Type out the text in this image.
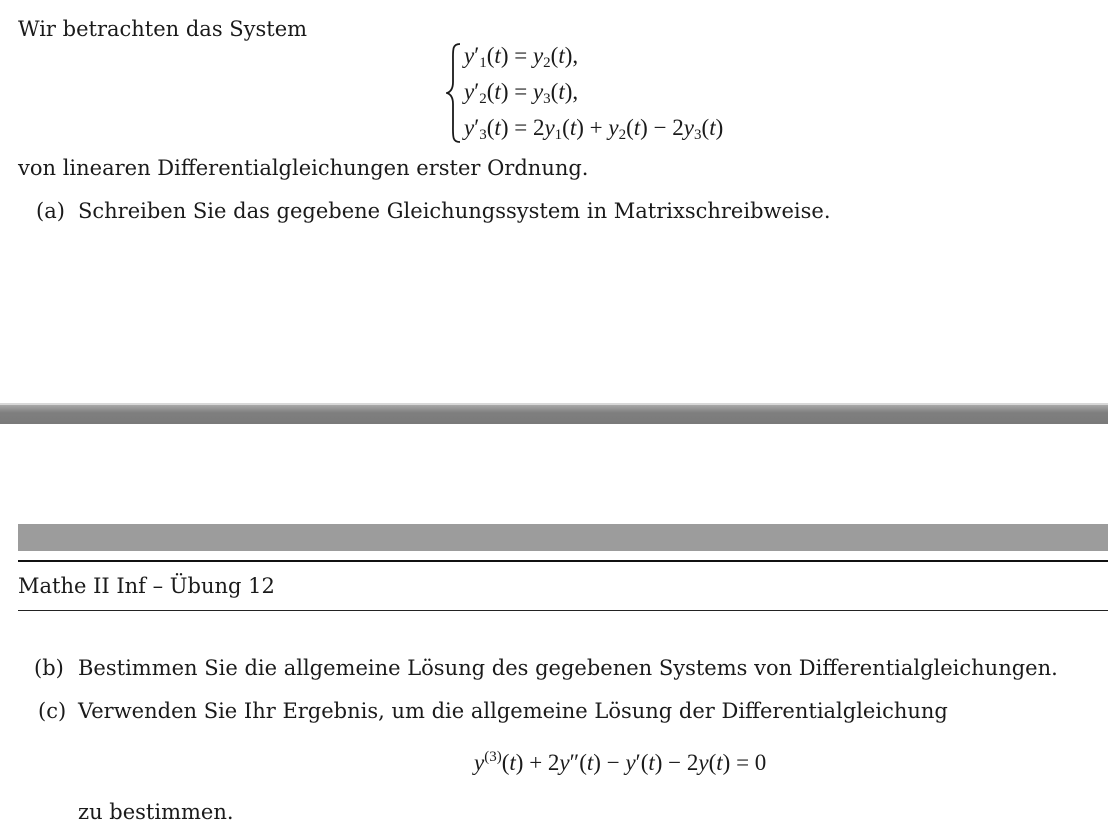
Wir betrachten das System
$y'_1(t) = y_2(t)$,
$y'_2(t) = y_3(t)$,
$y'_3(t) = 2y_1(t) + y_2(t) - 2y_3(t)$
von linearen Differentialgleichungen erster Ordnung.
(a) Schreiben Sie das gegebene Gleichungssystem in Matrixschreibweise.
Mathe II Inf – Übung 12
(b) Bestimmen Sie die allgemeine Lösung des gegebenen Systems von Differentialgleichungen.
(c) Verwenden Sie Ihr Ergebnis, um die allgemeine Lösung der Differentialgleichung
$y^{(3)}(t) + 2y''(t) - y'(t) - 2y(t) = 0$
zu bestimmen.
